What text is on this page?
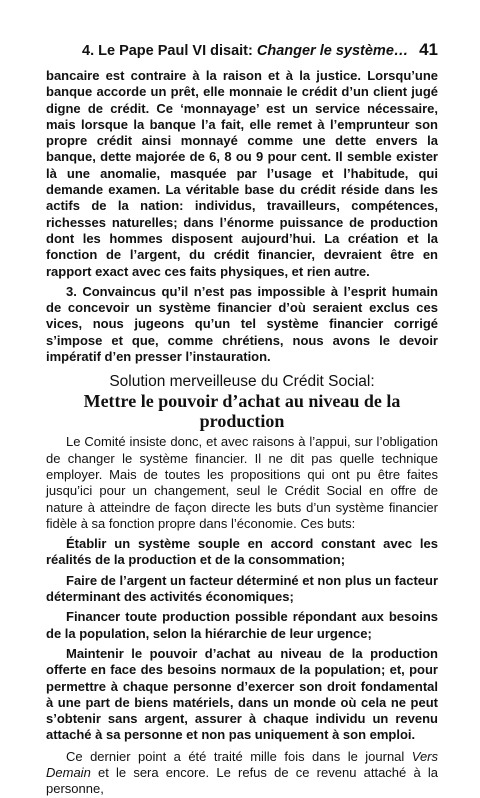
4. Le Pape Paul VI disait: Changer le système… 41

bancaire est contraire à la raison et à la justice. Lorsqu’une banque accorde un prêt, elle monnaie le crédit d’un client jugé digne de crédit. Ce ‘monnayage’ est un service nécessaire, mais lorsque la banque l’a fait, elle remet à l’emprunteur son propre crédit ainsi monnayé comme une dette envers la banque, dette majorée de 6, 8 ou 9 pour cent. Il semble exister là une anomalie, masquée par l’usage et l’habitude, qui demande examen. La véritable base du crédit réside dans les actifs de la nation: individus, travailleurs, compétences, richesses naturelles; dans l’énorme puissance de production dont les hommes disposent aujourd’hui. La création et la fonction de l’argent, du crédit financier, devraient être en rapport exact avec ces faits physiques, et rien autre.

3. Convaincus qu’il n’est pas impossible à l’esprit humain de concevoir un système financier d’où seraient exclus ces vices, nous jugeons qu’un tel système financier corrigé s’impose et que, comme chrétiens, nous avons le devoir impératif d’en presser l’instauration.

Solution merveilleuse du Crédit Social:
Mettre le pouvoir d’achat au niveau de la production

Le Comité insiste donc, et avec raisons à l’appui, sur l’obligation de changer le système financier. Il ne dit pas quelle technique employer. Mais de toutes les propositions qui ont pu être faites jusqu’ici pour un changement, seul le Crédit Social en offre de nature à atteindre de façon directe les buts d’un système financier fidèle à sa fonction propre dans l’économie. Ces buts:

Établir un système souple en accord constant avec les réalités de la production et de la consommation;

Faire de l’argent un facteur déterminé et non plus un facteur déterminant des activités économiques;

Financer toute production possible répondant aux besoins de la population, selon la hiérarchie de leur urgence;

Maintenir le pouvoir d’achat au niveau de la production offerte en face des besoins normaux de la population; et, pour permettre à chaque personne d’exercer son droit fondamental à une part de biens matériels, dans un monde où cela ne peut s’obtenir sans argent, assurer à chaque individu un revenu attaché à sa personne et non pas uniquement à son emploi.

Ce dernier point a été traité mille fois dans le journal Vers Demain et le sera encore. Le refus de ce revenu attaché à la personne,
